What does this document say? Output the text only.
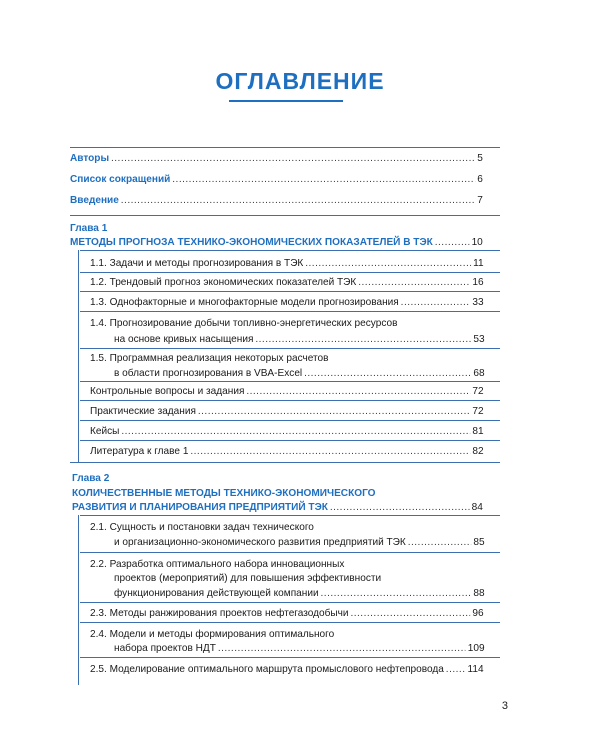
ОГЛАВЛЕНИЕ
Авторы .....	5
Список сокращений .....	6
Введение .....	7
Глава 1
МЕТОДЫ ПРОГНОЗА ТЕХНИКО-ЭКОНОМИЧЕСКИХ ПОКАЗАТЕЛЕЙ В ТЭК .....	10
1.1. Задачи и методы прогнозирования в ТЭК .....	11
1.2. Трендовый прогноз экономических показателей ТЭК .....	16
1.3. Однофакторные и многофакторные модели прогнозирования .....	33
1.4. Прогнозирование добычи топливно-энергетических ресурсов
на основе кривых насыщения .....	53
1.5. Программная реализация некоторых расчетов
в области прогнозирования в VBA-Excel .....	68
Контрольные вопросы и задания .....	72
Практические задания .....	72
Кейсы .....	81
Литература к главе 1 .....	82
Глава 2
КОЛИЧЕСТВЕННЫЕ МЕТОДЫ ТЕХНИКО-ЭКОНОМИЧЕСКОГО
РАЗВИТИЯ И ПЛАНИРОВАНИЯ ПРЕДПРИЯТИЙ ТЭК .....	84
2.1. Сущность и постановки задач технического
и организационно-экономического развития предприятий ТЭК .....	85
2.2. Разработка оптимального набора инновационных
проектов (мероприятий) для повышения эффективности
функционирования действующей компании .....	88
2.3. Методы ранжирования проектов нефтегазодобычи .....	96
2.4. Модели и методы формирования оптимального
набора проектов НДТ .....	109
2.5. Моделирование оптимального маршрута промыслового нефтепровода ..... 114
3
